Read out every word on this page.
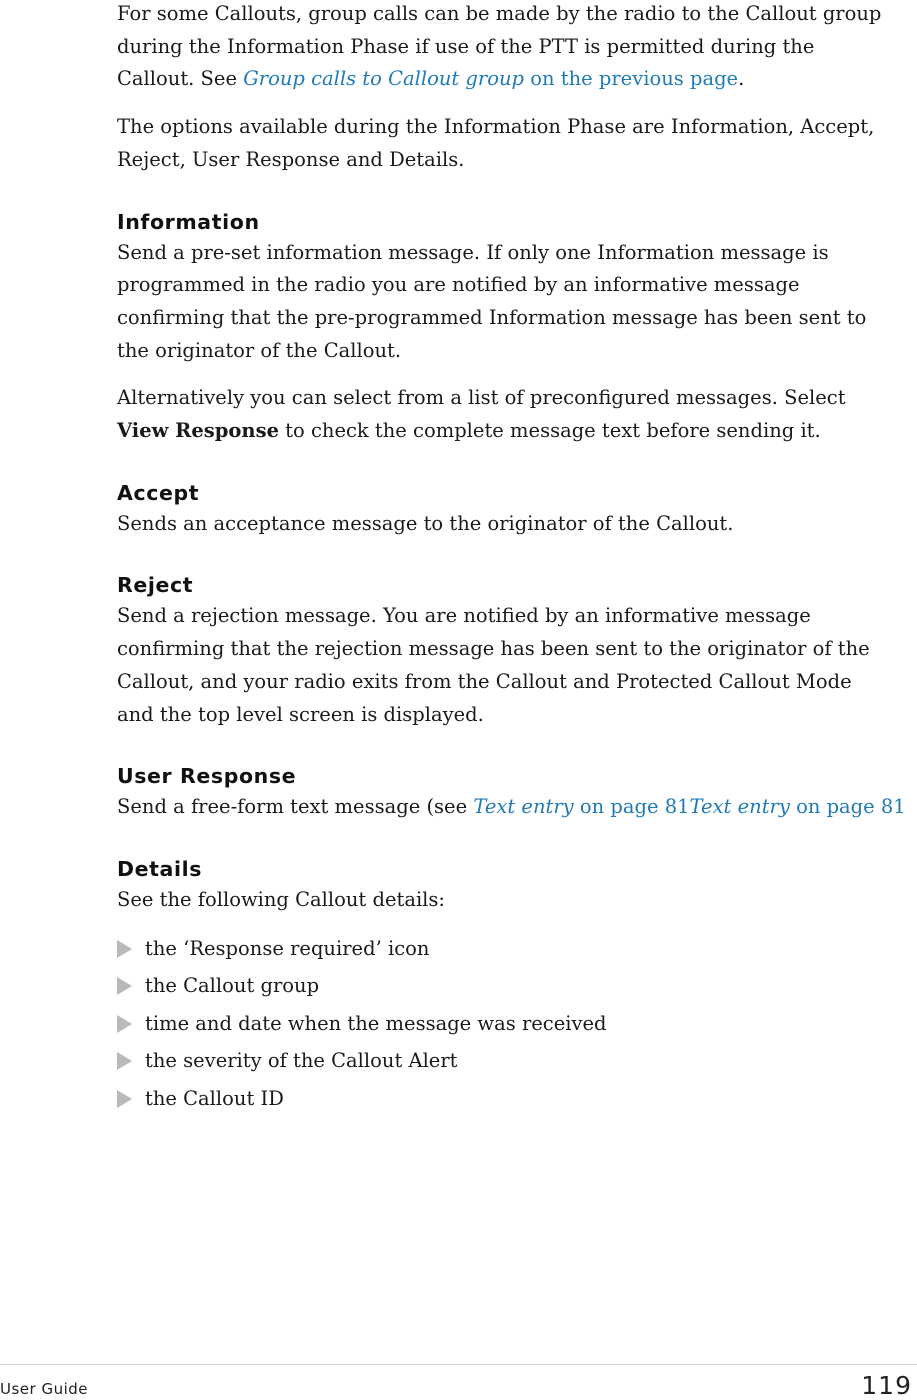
For some Callouts, group calls can be made by the radio to the Callout group
during the Information Phase if use of the PTT is permitted during the
Callout. See Group calls to Callout group on the previous page.

The options available during the Information Phase are Information, Accept,
Reject, User Response and Details.

Information

Send a pre-set information message. If only one Information message is
programmed in the radio you are notified by an informative message
confirming that the pre-programmed Information message has been sent to
the originator of the Callout.

Alternatively you can select from a list of preconfigured messages. Select
View Response to check the complete message text before sending it.

Accept

Sends an acceptance message to the originator of the Callout.

Reject

Send a rejection message. You are notified by an informative message
confirming that the rejection message has been sent to the originator of the
Callout, and your radio exits from the Callout and Protected Callout Mode
and the top level screen is displayed.

User Response

Send a free-form text message (see Text entry on page 81Text entry on page 81

Details

See the following Callout details:

the ‘Response required’ icon
the Callout group
time and date when the message was received
the severity of the Callout Alert
the Callout ID
User Guide	119
